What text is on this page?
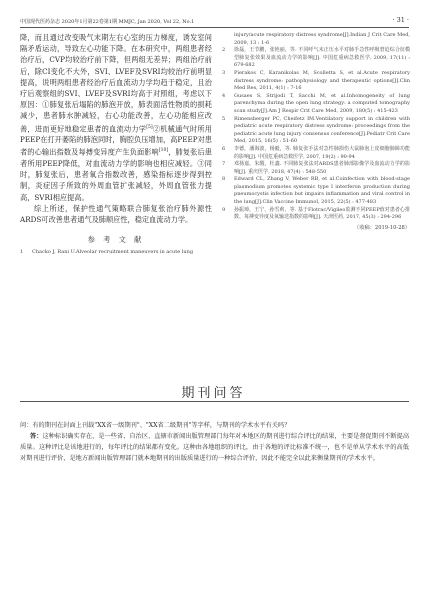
中国现代医药杂志 2020年1月第22卷第1期 MMJC, Jan 2020, Vol 22, No.1	· 31 ·

降，而且通过改变吸气末期左右心室的压力梯度，诱发室间隔矛盾运动，导致左心功能下降。在本研究中，两组患者经治疗后，CVP均较治疗前下降，但两组无差异；两组治疗前后，除CI变化不大外，SVI、LVEF及SVRI均较治疗前明显提高，说明两组患者经治疗后血流动力学均趋于稳定，且治疗后观察组的SVI、LVEF及SVRI均高于对照组，考虑以下原因：①肺复张后塌陷的肺泡开放，肺表面活性物质的损耗减少，患者肺水肿减轻，右心功能改善，左心功能相应改善，进而更好地稳定患者的血流动力学[5]②机械通气时所用PEEP在打开萎陷的肺泡同时，胸腔负压增加，高PEEP对患者的心输出指数及每搏变异度产生负面影响[10]，肺复张后患者所用PEEP降低，对血流动力学的影响也相应减轻。③同时，肺复张后，患者氧合指数改善，感染指标逐步得到控制，炎症因子所致的外周血管扩张减轻，外周血管张力提高，SVRI相应提高。

综上所述，保护性通气策略联合肺复张治疗肺外源性ARDS可改善患者通气及肺顺应性，稳定血流动力学。

参 考 文 献
1	Chacko J, Rani U.Alveolar recruitment maneuvers in acute lung
injury/acute respiratory distress syndrome[J].Indian J Crit Care Med, 2009, 13 : 1-6
2	徐磊，王节鹏，张艳丽，等. 不同呼气末正压水平对肺手急性呼吸窘迫综合征模型肺复张效果及血流动力学的影响[J]. 中国危重病急救医学, 2009, 17(11) : 679-682
3	Pierakos C, Karanikolas M, Scolletta S, et al.Acute respiratory distress syndrome: pathophysiology and therapeutic options[J].Clin Med Res, 2011, 4(1) : 7-16
4	Gusaes S, Strijodi T, Sacchi M, et al.Inhomogeneity of lung parenchyma during the open lung strategy: a computed tomography scan study[J].Am J Respir Crit Care Med, 2009, 180(5) : 415-423
5	Rimensberger PC, Cheifetz IM.Ventilatory support in children with pediatric acute respiratory distress syndrome: proceedings from the pediatric acute lung injury consensus conference[J].Pediatr Crit Care Med, 2015, 16(5) : 51-60
6	李德，潘海波，杨毅，等. 肺复张手法对急性肺损伤大鼠肺泡上皮细胞肺障功能的影响[J]. 中国危重病急救医学, 2007, 19(2) : 90-94
7	邓扬嘉，朱醒，杜鑫. 不同肺复张法对ARDS患者肺部影像学及血流动力学的影响[J]. 重庆医学, 2018, 47(4) : 548-550
8	Edward CL, Zhang V, Weber RB, et al.Coinfection with blood-stage plasmodium promotes systemic type I interferon production during pneumocystis infection but impairs inflammation and viral control in the lung[J].Clin Vaccine Immunol, 2015, 22(5) : 477-483
9	孙振璋，王宁，孙雪莉，等. 基于Flotrac/Vigileo监测不同PEEP值对患者心排数、每搏变异度及氧输送指数的影响[J]. 天津医药, 2017, 45(3) : 294-296
（收稿：2019-10-28）
期刊问答

问：有的期刊在封面上刊载"XX省一级期刊"、"XX省二级期刊"等字样，与期刊的学术水平有关吗？

答：这种标识确实存在，是一些省、自治区、直辖市新闻出版管理部门每年对本地区的期刊进行综合评比的结果，主要是督促期刊不断提高质量。这种评比是该地进行的，每年评比的结果都有变化。这种由各地组织的评比，由于各地的评比标准不统一，也不是单从学术水平的高低对期刊进行评价，是地方新闻出版管理部门就本地期刊的出版质量进行的一种综合评价，因此不能完全以此来衡量期刊的学术水平。
